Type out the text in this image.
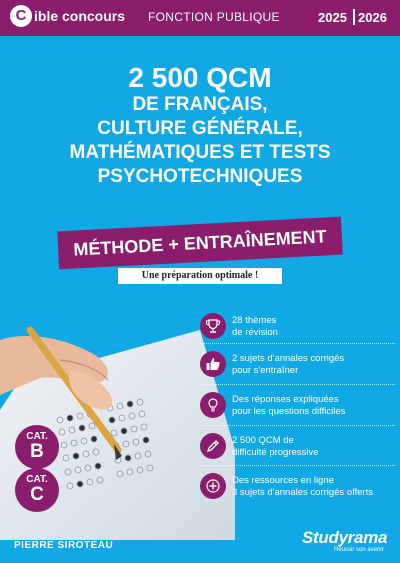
C ible concours FONCTION PUBLIQUE	2025 2026
2 500 QCM
DE FRANÇAIS,
CULTURE GÉNÉRALE,
MATHÉMATIQUES ET TESTS
PSYCHOTECHNIQUES
MÉTHODE + ENTRAÎNEMENT
Une préparation optimale !
CAT.
B
CAT.
C
28 thèmes
de révision
2 sujets d'annales corrigés
pour s'entraîner
Des réponses expliquées
pour les questions difficiles
2 500 QCM de
difficulté progressive
Des ressources en ligne
3 sujets d'annales corrigés offerts
PIERRE SIROTEAU	Studyrama
Réussir son avenir
